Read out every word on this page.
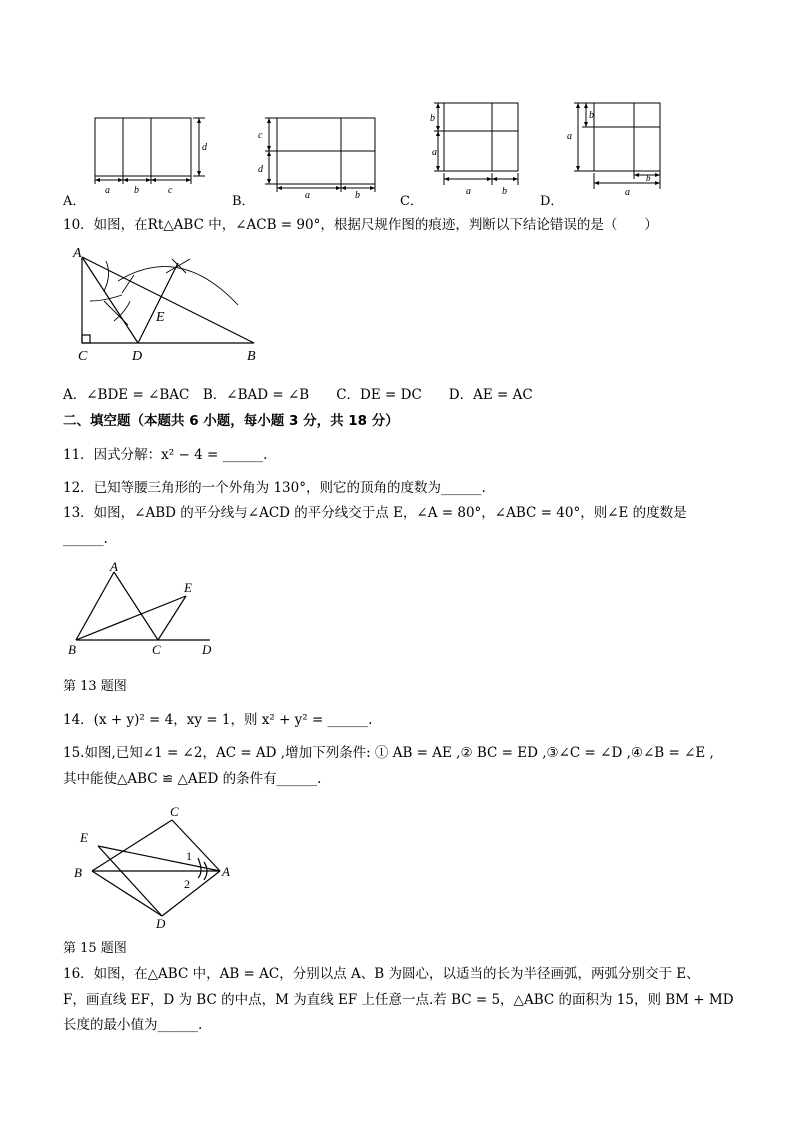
a b	c
d
A．
c
d
a	b
B．
b
a
a	b
C．
b
a
a
b
D．
10．如图，在Rt△ABC 中，∠ACB = 90°，根据尺规作图的痕迹，判断以下结论错误的是（　　）
A
C	D	B
E
A．∠BDE = ∠BAC　B．∠BAD = ∠B　　C．DE = DC　　D．AE = AC
二、填空题（本题共 6 小题，每小题 3 分，共 18 分）
11．因式分解：x² − 4 = ______.
12．已知等腰三角形的一个外角为 130°，则它的顶角的度数为______.
13．如图，∠ABD 的平分线与∠ACD 的平分线交于点 E，∠A = 80°，∠ABC = 40°，则∠E 的度数是
______.
A
E
B	C	D
第 13 题图
14．(x + y)² = 4，xy = 1，则 x² + y² = ______.
15.如图,已知∠1 = ∠2，AC = AD ,增加下列条件: ① AB = AE ,② BC = ED ,③∠C = ∠D ,④∠B = ∠E ,
其中能使△ABC ≌ △AED 的条件有______.
C
E
B	A
D
1
2
第 15 题图
16．如图，在△ABC 中，AB = AC，分别以点 A、B 为圆心，以适当的长为半径画弧，两弧分别交于 E、
F，画直线 EF，D 为 BC 的中点，M 为直线 EF 上任意一点.若 BC = 5，△ABC 的面积为 15，则 BM + MD
长度的最小值为______.
